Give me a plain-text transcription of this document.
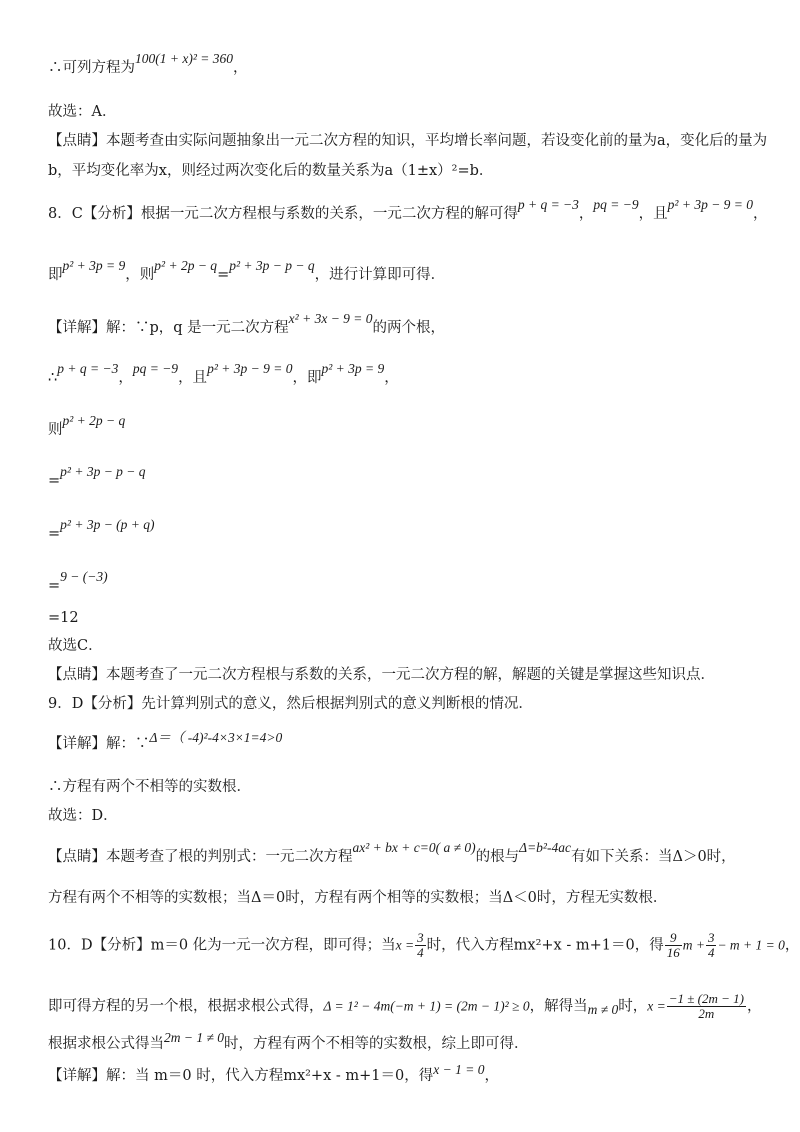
∴可列方程为100(1 + x)² = 360，
故选：A．
【点睛】本题考查由实际问题抽象出一元二次方程的知识，平均增长率问题，若设变化前的量为a，变化后的量为
b，平均变化率为x，则经过两次变化后的数量关系为a（1±x）²=b．
8．C【分析】根据一元二次方程根与系数的关系，一元二次方程的解可得p + q = −3，pq = −9，且p² + 3p − 9 = 0，
即p² + 3p = 9，则p² + 2p − q=p² + 3p − p − q，进行计算即可得．
【详解】解：∵p，q 是一元二次方程x² + 3x − 9 = 0的两个根，
∴p + q = −3，pq = −9，且p² + 3p − 9 = 0，即p² + 3p = 9，
则p² + 2p − q
=p² + 3p − p − q
=p² + 3p − (p + q)
=9 − (−3)
=12
故选C．
【点睛】本题考查了一元二次方程根与系数的关系，一元二次方程的解，解题的关键是掌握这些知识点．
9．D【分析】先计算判别式的意义，然后根据判别式的意义判断根的情况．
【详解】解：∵Δ＝（ -4)²-4×3×1=4>0
∴方程有两个不相等的实数根．
故选：D．
【点睛】本题考查了根的判别式：一元二次方程ax² + bx + c=0( a ≠ 0)的根与Δ=b²-4ac有如下关系：当Δ＞0时，
方程有两个不相等的实数根；当Δ＝0时，方程有两个相等的实数根；当Δ＜0时，方程无实数根．
10．D【分析】m＝0 化为一元一次方程，即可得；当$x = \frac{3}{4}$ 时，代入方程mx²+x - m+1＝0，得 $\frac{9}{16}$ $m + \frac{3}{4} - m + 1 = 0$，
即可得方程的另一个根，根据求根公式得，Δ = 1² − 4m(−m + 1) = (2m − 1)² ≥ 0，解得当m ≠ 0时，$x = \frac{-1 \pm (2m - 1)}{2m}$ ，
根据求根公式得当2m − 1 ≠ 0时，方程有两个不相等的实数根，综上即可得．
【详解】解：当 m＝0 时，代入方程mx²+x - m+1＝0，得x − 1 = 0，
